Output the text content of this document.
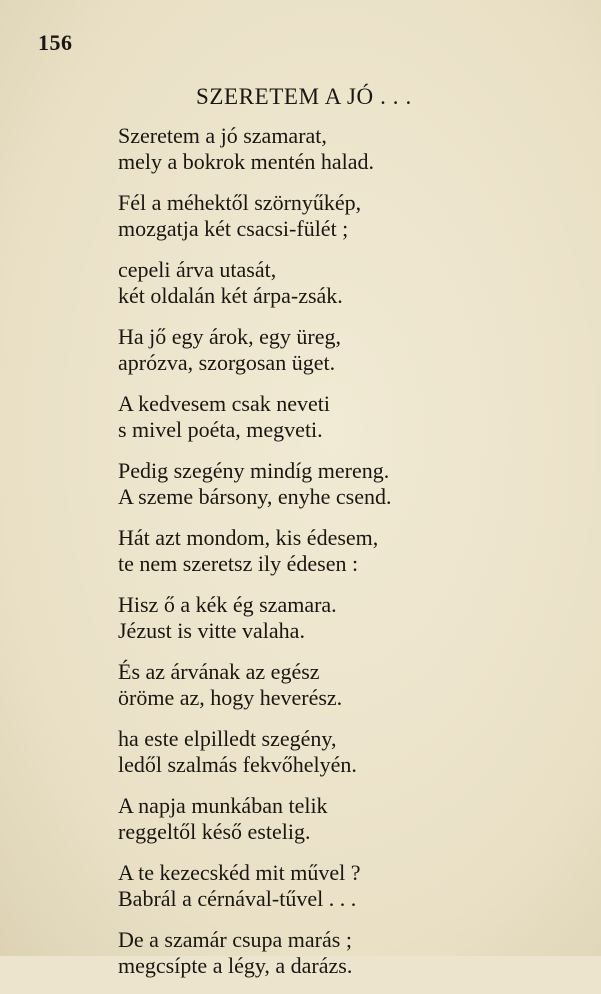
156
SZERETEM A JÓ . . .
Szeretem a jó szamarat,
mely a bokrok mentén halad.
Fél a méhektől szörnyűkép,
mozgatja két csacsi-fülét ;
cepeli árva utasát,
két oldalán két árpa-zsák.
Ha jő egy árok, egy üreg,
aprózva, szorgosan üget.
A kedvesem csak neveti
s mivel poéta, megveti.
Pedig szegény mindíg mereng.
A szeme bársony, enyhe csend.
Hát azt mondom, kis édesem,
te nem szeretsz ily édesen :
Hisz ő a kék ég szamara.
Jézust is vitte valaha.
És az árvának az egész
öröme az, hogy heverész.
ha este elpilledt szegény,
ledől szalmás fekvőhelyén.
A napja munkában telik
reggeltől késő estelig.
A te kezecskéd mit művel ?
Babrál a cérnával-tűvel . . .
De a szamár csupa marás ;
megcsípte a légy, a darázs.
